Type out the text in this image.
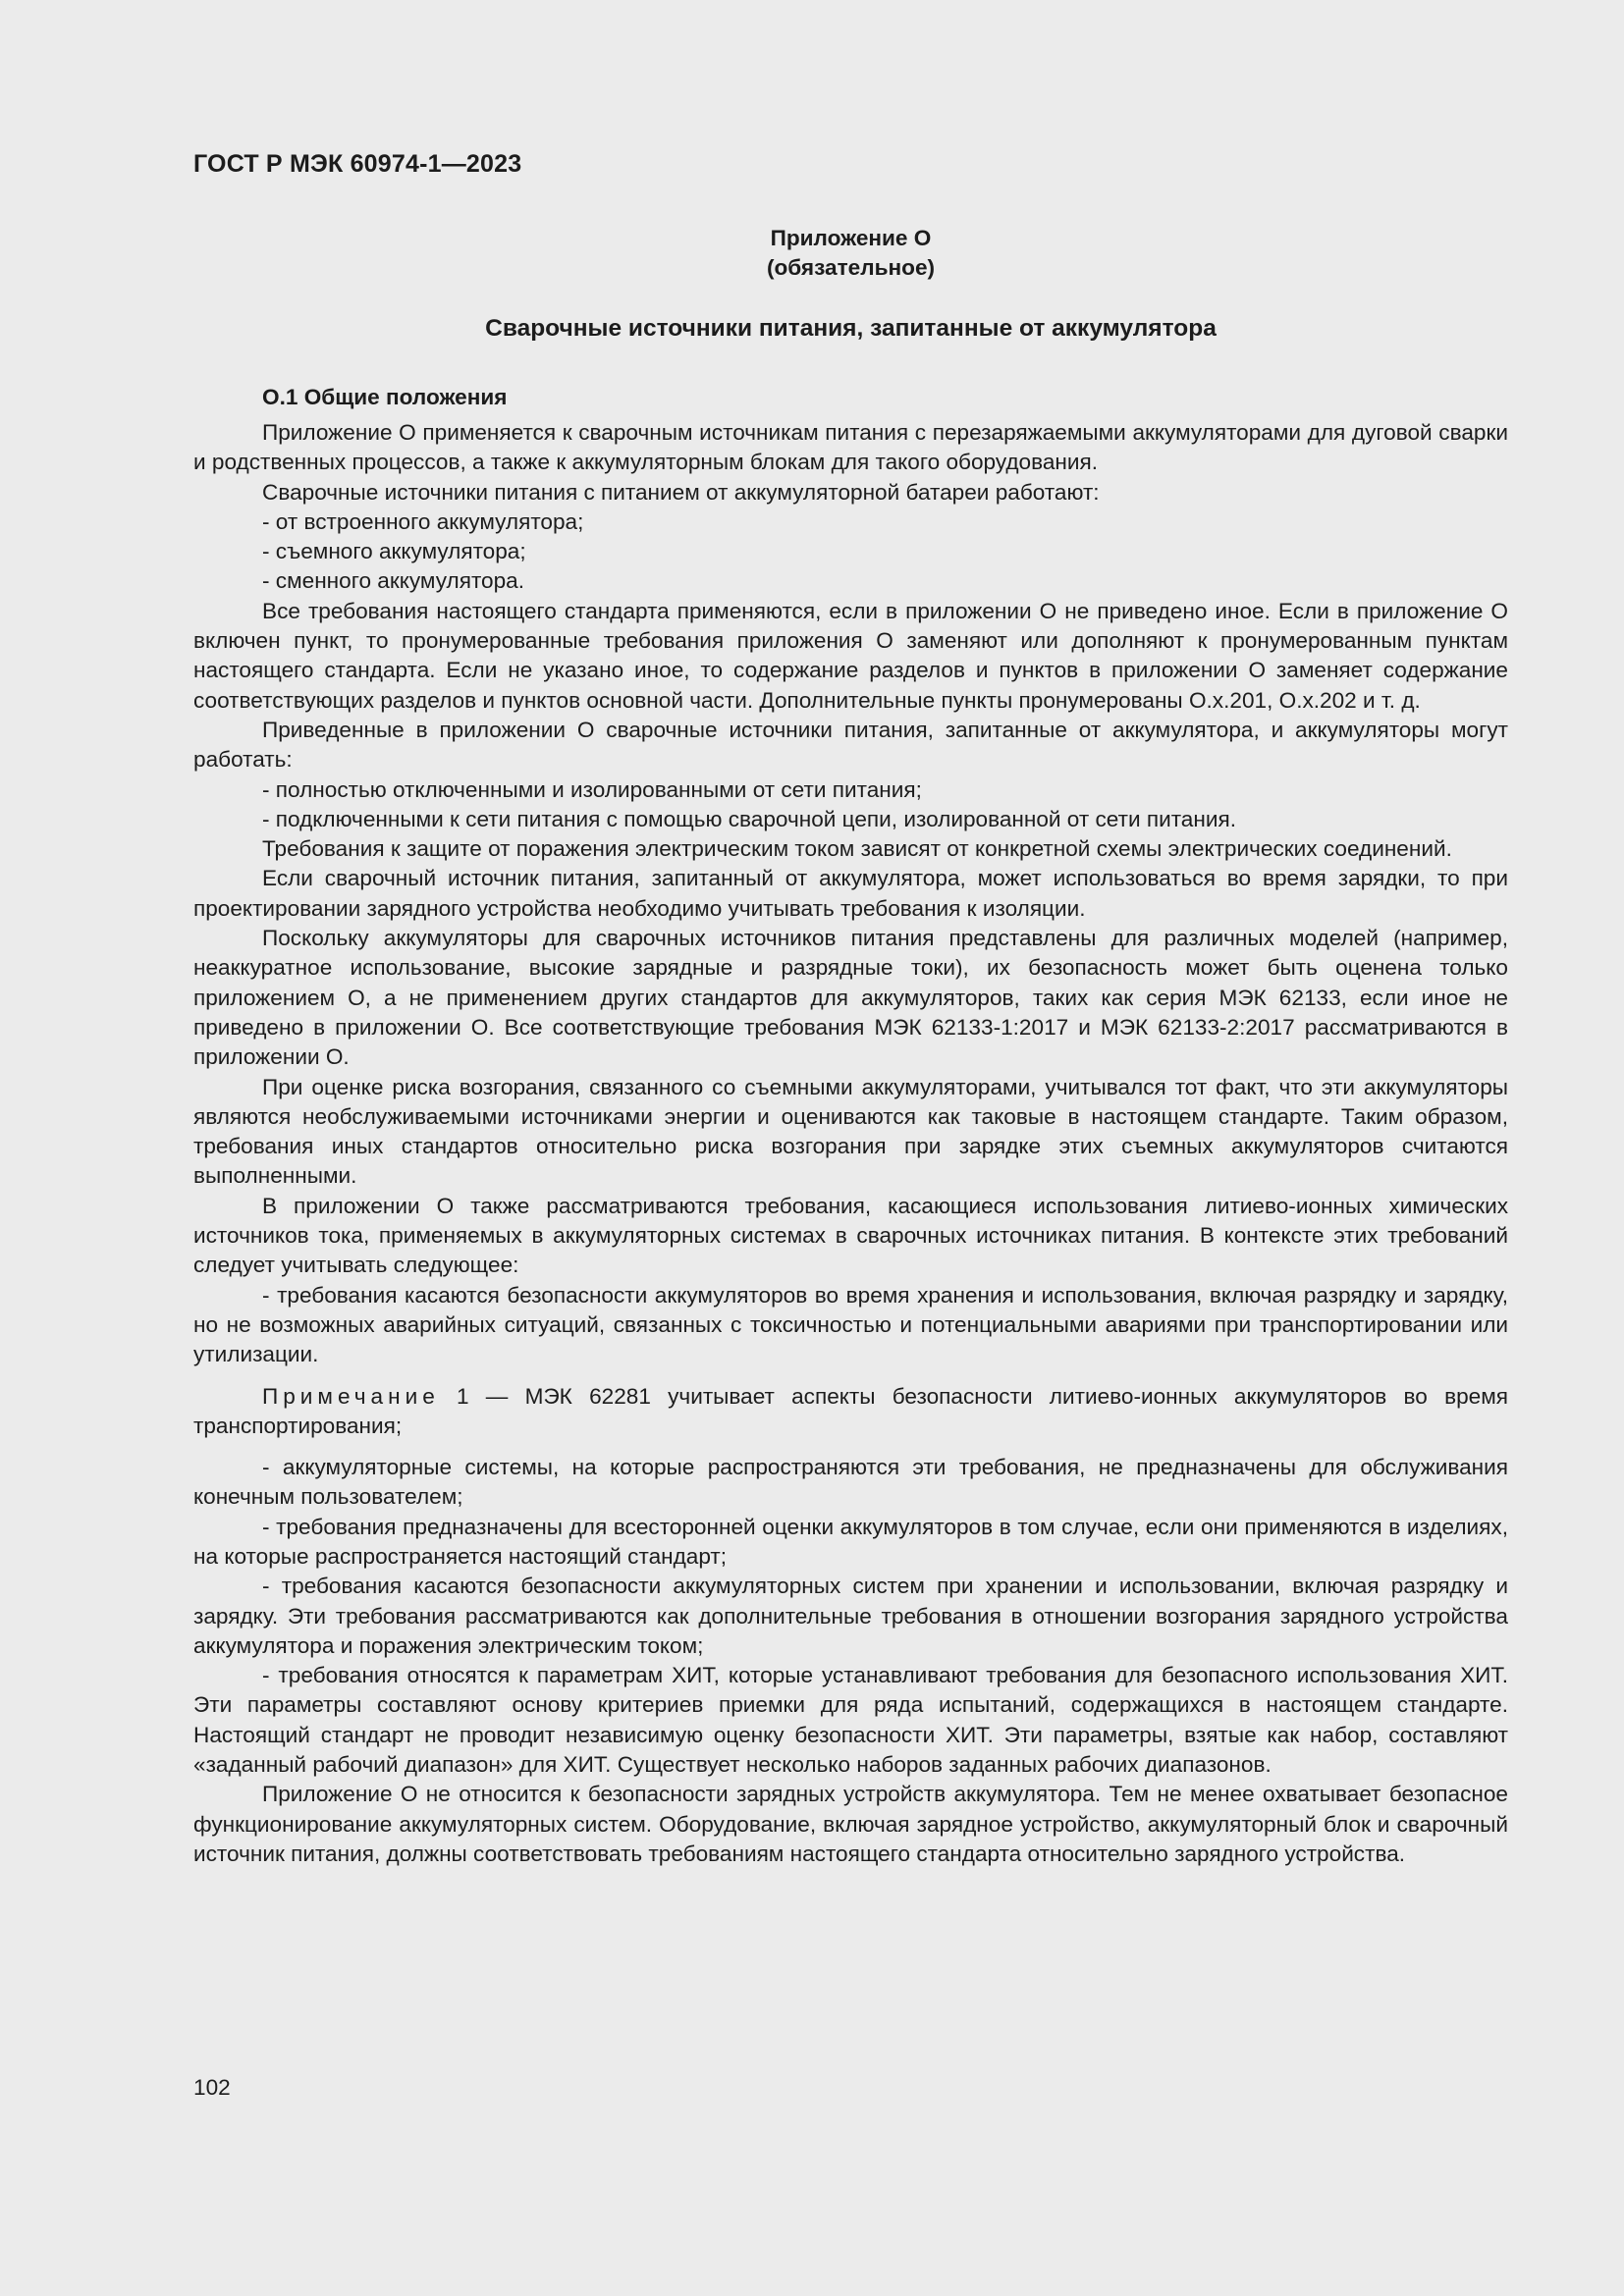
ГОСТ Р МЭК 60974-1—2023
Приложение О
(обязательное)
Сварочные источники питания, запитанные от аккумулятора
О.1 Общие положения

Приложение О применяется к сварочным источникам питания с перезаряжаемыми аккумуляторами для дуговой сварки и родственных процессов, а также к аккумуляторным блокам для такого оборудования.

Сварочные источники питания с питанием от аккумуляторной батареи работают:

- от встроенного аккумулятора;

- съемного аккумулятора;

- сменного аккумулятора.

Все требования настоящего стандарта применяются, если в приложении О не приведено иное. Если в приложение О включен пункт, то пронумерованные требования приложения О заменяют или дополняют к пронумерованным пунктам настоящего стандарта. Если не указано иное, то содержание разделов и пунктов в приложении О заменяет содержание соответствующих разделов и пунктов основной части. Дополнительные пункты пронумерованы О.x.201, О.x.202 и т. д.

Приведенные в приложении О сварочные источники питания, запитанные от аккумулятора, и аккумуляторы могут работать:

- полностью отключенными и изолированными от сети питания;

- подключенными к сети питания с помощью сварочной цепи, изолированной от сети питания.

Требования к защите от поражения электрическим током зависят от конкретной схемы электрических соединений.

Если сварочный источник питания, запитанный от аккумулятора, может использоваться во время зарядки, то при проектировании зарядного устройства необходимо учитывать требования к изоляции.

Поскольку аккумуляторы для сварочных источников питания представлены для различных моделей (например, неаккуратное использование, высокие зарядные и разрядные токи), их безопасность может быть оценена только приложением О, а не применением других стандартов для аккумуляторов, таких как серия МЭК 62133, если иное не приведено в приложении О. Все соответствующие требования МЭК 62133-1:2017 и МЭК 62133-2:2017 рассматриваются в приложении О.

При оценке риска возгорания, связанного со съемными аккумуляторами, учитывался тот факт, что эти аккумуляторы являются необслуживаемыми источниками энергии и оцениваются как таковые в настоящем стандарте. Таким образом, требования иных стандартов относительно риска возгорания при зарядке этих съемных аккумуляторов считаются выполненными.

В приложении О также рассматриваются требования, касающиеся использования литиево-ионных химических источников тока, применяемых в аккумуляторных системах в сварочных источниках питания. В контексте этих требований следует учитывать следующее:

- требования касаются безопасности аккумуляторов во время хранения и использования, включая разрядку и зарядку, но не возможных аварийных ситуаций, связанных с токсичностью и потенциальными авариями при транспортировании или утилизации.

Примечание 1 — МЭК 62281 учитывает аспекты безопасности литиево-ионных аккумуляторов во время транспортирования;

- аккумуляторные системы, на которые распространяются эти требования, не предназначены для обслуживания конечным пользователем;

- требования предназначены для всесторонней оценки аккумуляторов в том случае, если они применяются в изделиях, на которые распространяется настоящий стандарт;

- требования касаются безопасности аккумуляторных систем при хранении и использовании, включая разрядку и зарядку. Эти требования рассматриваются как дополнительные требования в отношении возгорания зарядного устройства аккумулятора и поражения электрическим током;

- требования относятся к параметрам ХИТ, которые устанавливают требования для безопасного использования ХИТ. Эти параметры составляют основу критериев приемки для ряда испытаний, содержащихся в настоящем стандарте. Настоящий стандарт не проводит независимую оценку безопасности ХИТ. Эти параметры, взятые как набор, составляют «заданный рабочий диапазон» для ХИТ. Существует несколько наборов заданных рабочих диапазонов.

Приложение О не относится к безопасности зарядных устройств аккумулятора. Тем не менее охватывает безопасное функционирование аккумуляторных систем. Оборудование, включая зарядное устройство, аккумуляторный блок и сварочный источник питания, должны соответствовать требованиям настоящего стандарта относительно зарядного устройства.

102
